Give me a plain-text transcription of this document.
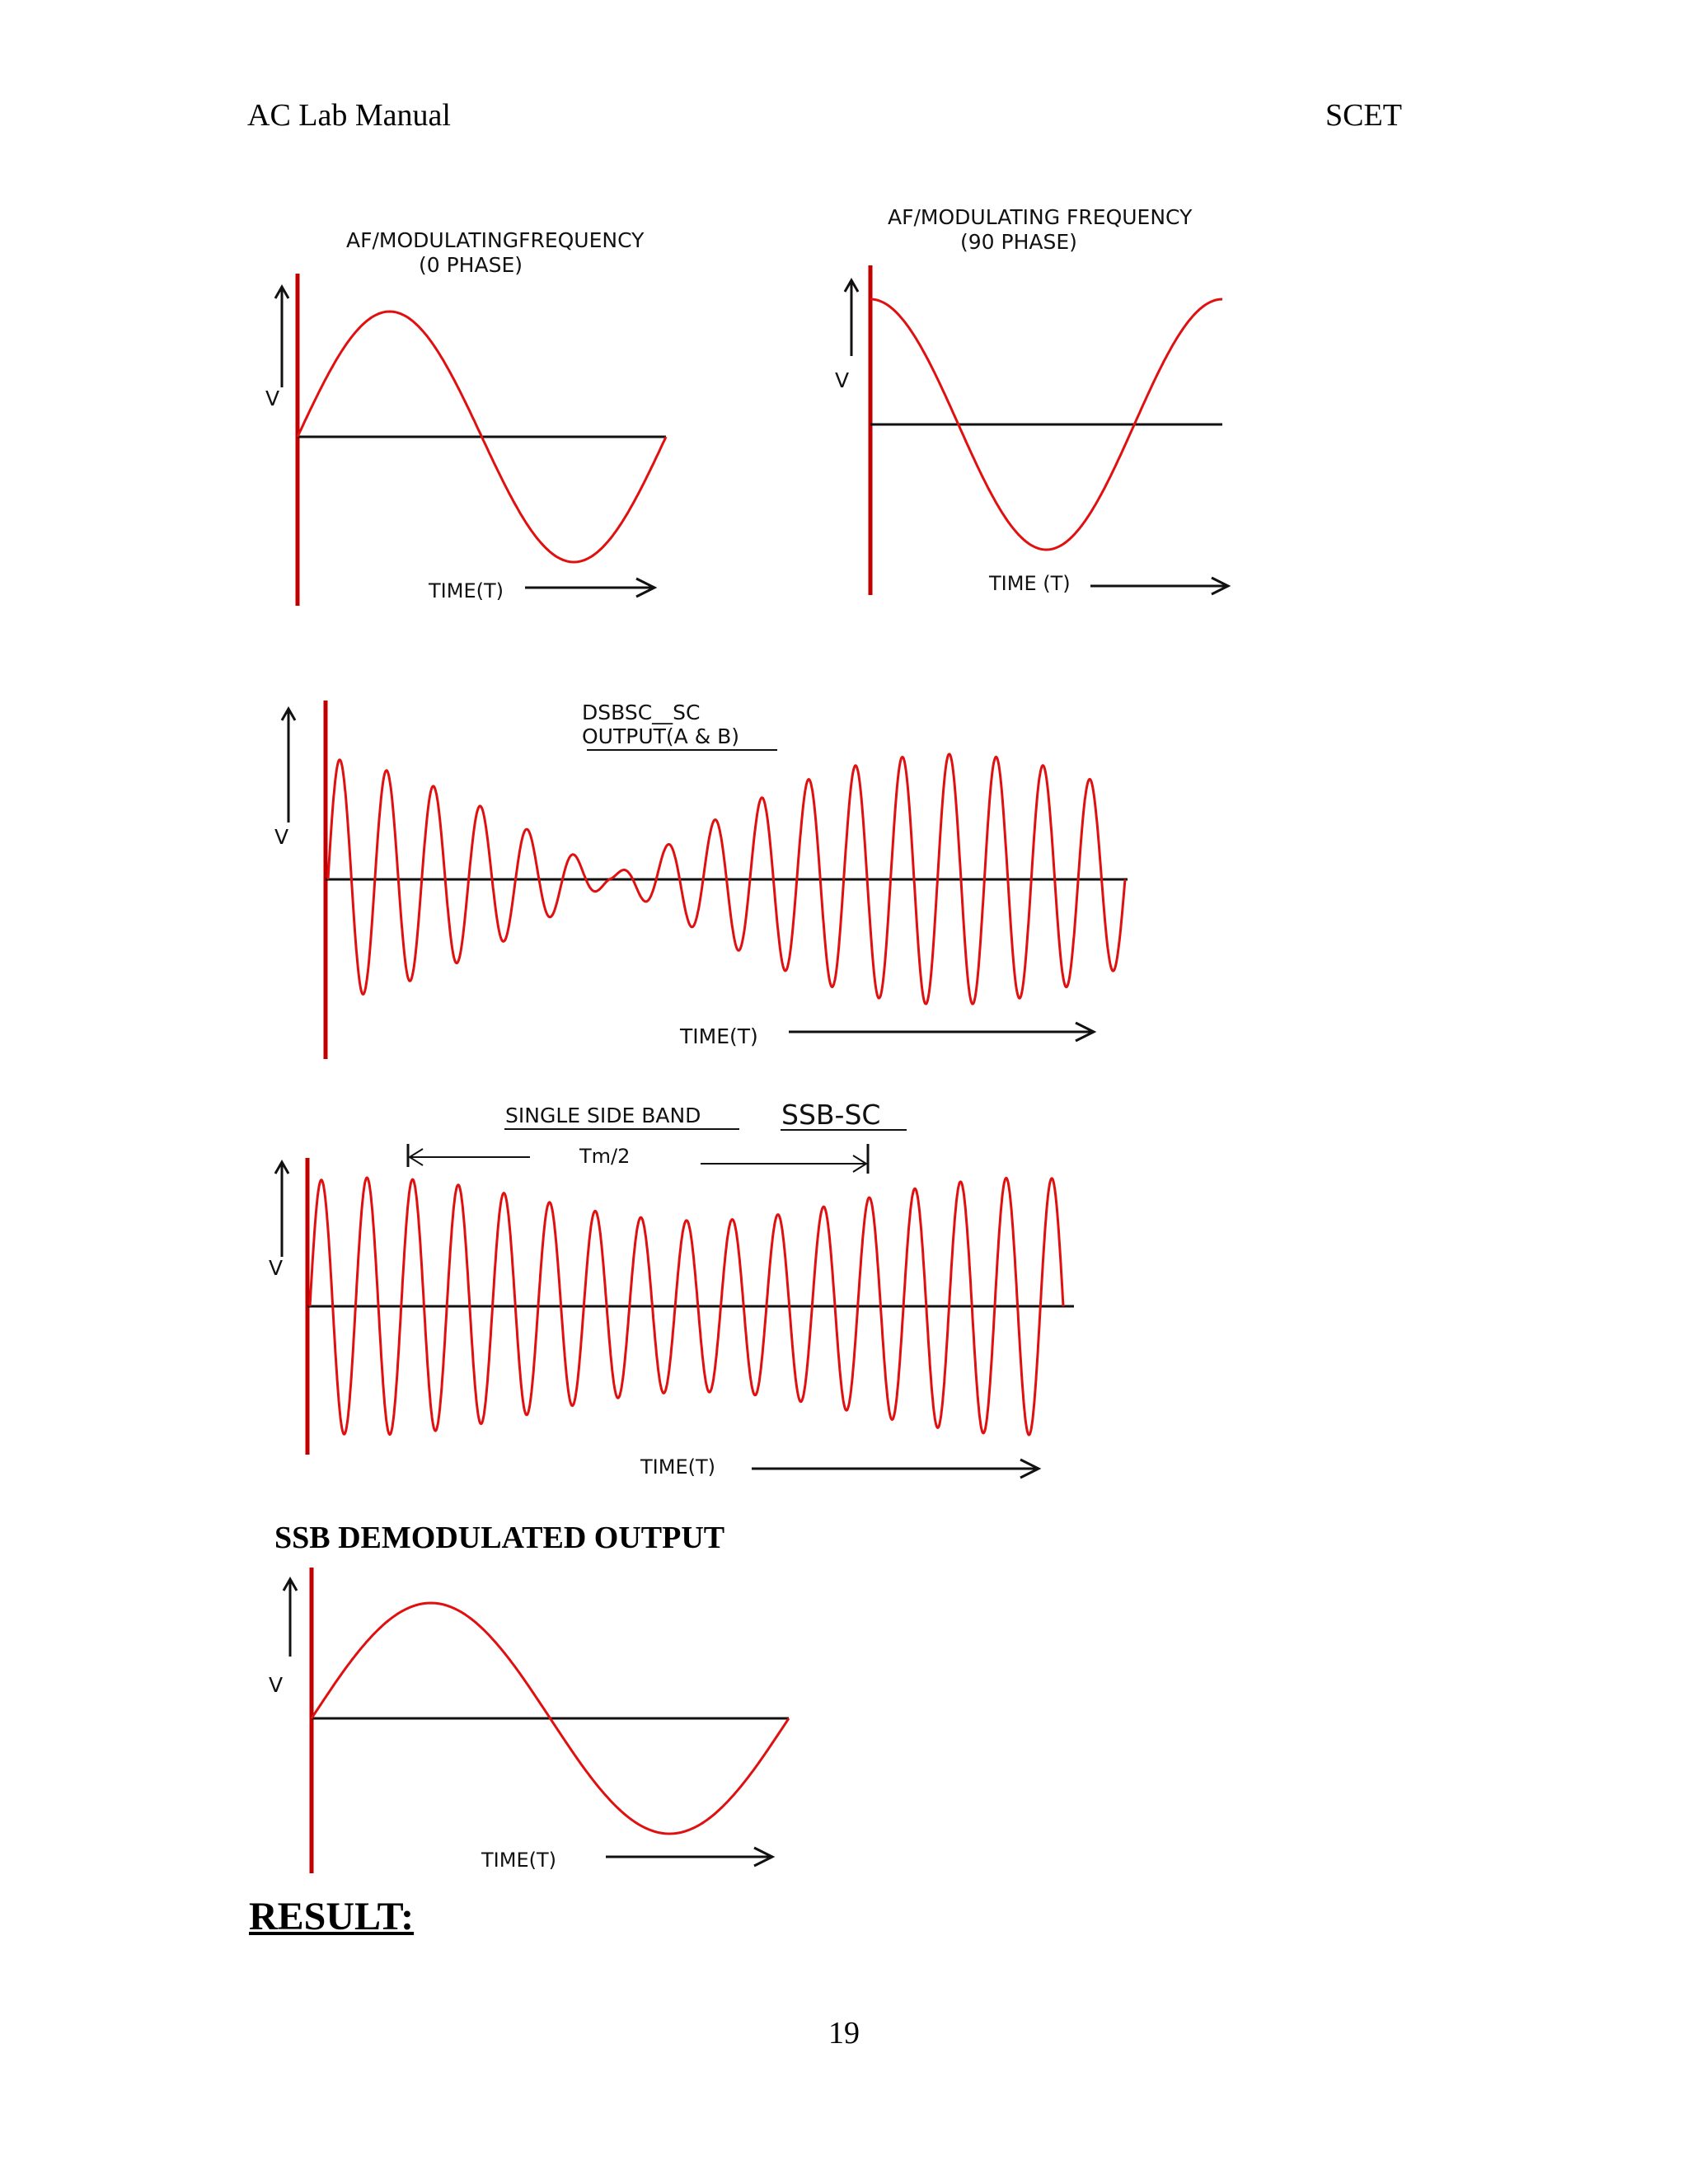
AC Lab Manual	SCET
AF/MODULATINGFREQUENCY
(0 PHASE)
V
TIME(T)
AF/MODULATING FREQUENCY
(90 PHASE)
V
TIME (T)
DSBSC__SC
OUTPUT(A & B)
V
TIME(T)
SINGLE SIDE BAND	SSB-SC
Tm/2
V
TIME(T)
SSB DEMODULATED OUTPUT
V
TIME(T)
RESULT:
19
